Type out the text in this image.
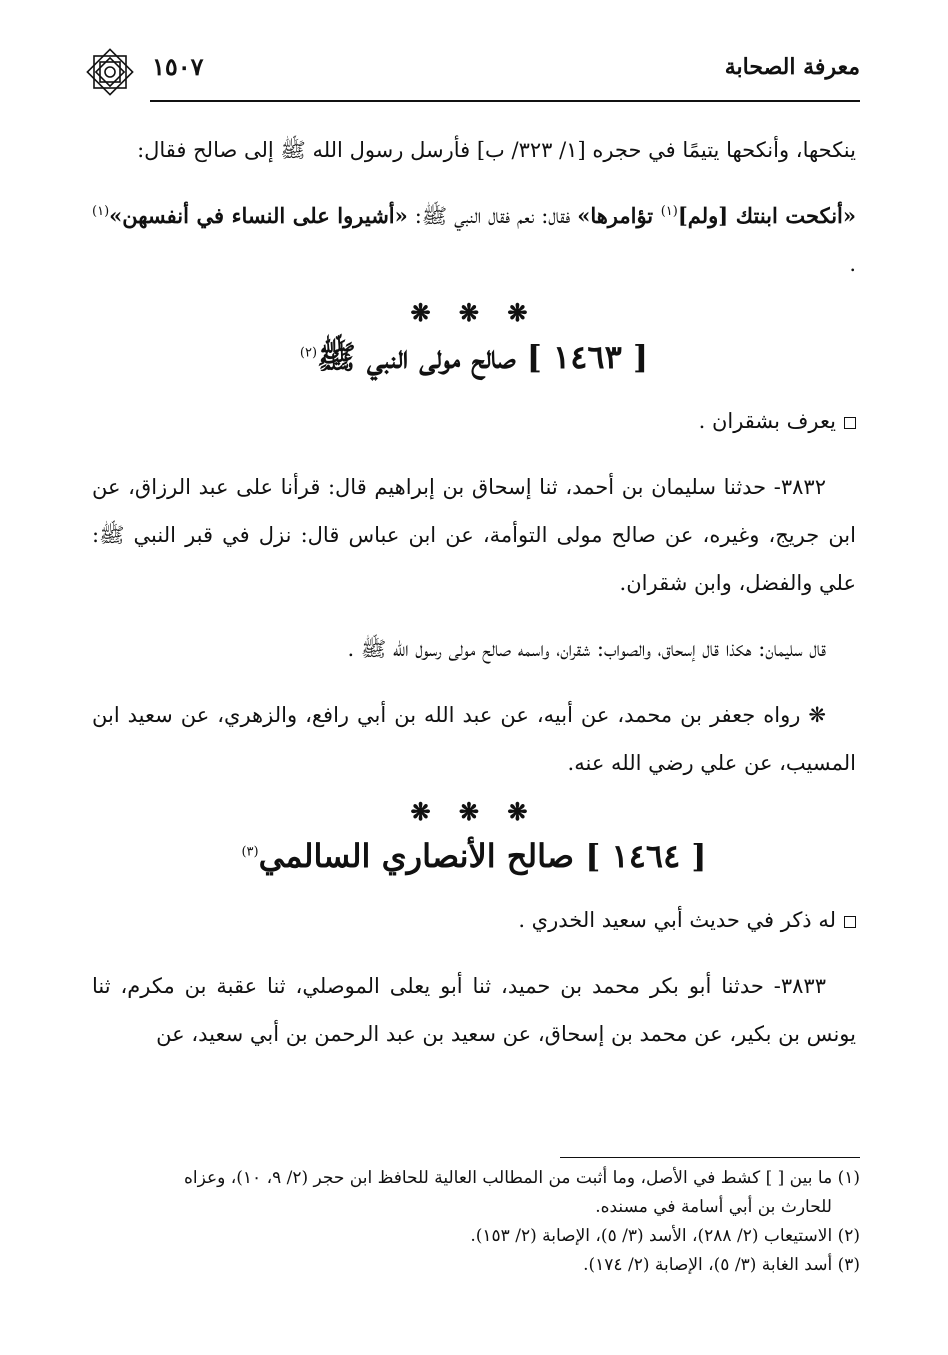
معرفة الصحابة
١٥٠٧

ينكحها، وأنكحها يتيمًا في حجره [١/ ٣٢٣/ ب] فأرسل رسول الله ﷺ إلى صالح فقال:

«أنكحت ابنتك [ولم]$^{(١)}$ تؤامرها» فقال: نعم فقال النبي ﷺ: «أشيروا على النساء في أنفسهن»$^{(١)}$ .

❋ ❋ ❋
[ ١٤٦٣ ] صالح مولى النبي ﷺ$^{(٢)}$

يعرف بشقران .

٣٨٣٢- حدثنا سليمان بن أحمد، ثنا إسحاق بن إبراهيم قال: قرأنا على عبد الرزاق، عن ابن جريج، وغيره، عن صالح مولى التوأمة، عن ابن عباس قال: نزل في قبر النبي ﷺ: علي والفضل، وابن شقران.

قال سليمان: هكذا قال إسحاق، والصواب: شقران، واسمه صالح مولى رسول الله ﷺ .

❋ رواه جعفر بن محمد، عن أبيه، عن عبد الله بن أبي رافع، والزهري، عن سعيد ابن المسيب، عن علي رضي الله عنه.

❋ ❋ ❋
[ ١٤٦٤ ] صالح الأنصاري السالمي$^{(٣)}$

له ذكر في حديث أبي سعيد الخدري .

٣٨٣٣- حدثنا أبو بكر محمد بن حميد، ثنا أبو يعلى الموصلي، ثنا عقبة بن مكرم، ثنا يونس بن بكير، عن محمد بن إسحاق، عن سعيد بن عبد الرحمن بن أبي سعيد، عن

(١) ما بين [ ] كشط في الأصل، وما أثبت من المطالب العالية للحافظ ابن حجر (٢/ ٩، ١٠)، وعزاه
للحارث بن أبي أسامة في مسنده.
(٢) الاستيعاب (٢/ ٢٨٨)، الأسد (٣/ ٥)، الإصابة (٢/ ١٥٣).
(٣) أسد الغابة (٣/ ٥)، الإصابة (٢/ ١٧٤).
